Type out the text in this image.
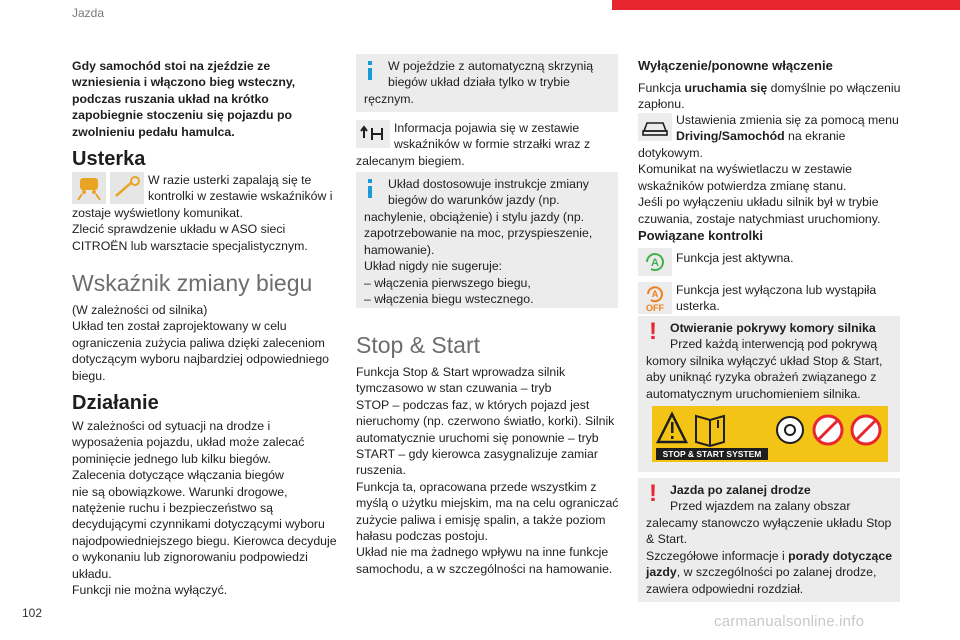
Jazda

Gdy samochód stoi na zjeździe ze

wzniesienia i włączono bieg wsteczny,

podczas ruszania układ na krótko

zapobiegnie stoczeniu się pojazdu po

zwolnieniu pedału hamulca.

Usterka

W razie usterki zapalają się te

kontrolki w zestawie wskaźników i

zostaje wyświetlony komunikat.

Zlecić sprawdzenie układu w ASO sieci

CITROËN lub warsztacie specjalistycznym.

Wskaźnik zmiany biegu

(W zależności od silnika)

Układ ten został zaprojektowany w celu

ograniczenia zużycia paliwa dzięki zaleceniom

dotyczącym wyboru najbardziej odpowiedniego

biegu.

Działanie

W zależności od sytuacji na drodze i

wyposażenia pojazdu, układ może zalecać

pominięcie jednego lub kilku biegów.

Zalecenia dotyczące włączania biegów

nie są obowiązkowe. Warunki drogowe,

natężenie ruchu i bezpieczeństwo są

decydującymi czynnikami dotyczącymi wyboru

najodpowiedniejszego biegu. Kierowca decyduje

o wykonaniu lub zignorowaniu podpowiedzi

układu.

Funkcji nie można wyłączyć.

W pojeździe z automatyczną skrzynią

biegów układ działa tylko w trybie

ręcznym.

Informacja pojawia się w zestawie

wskaźników w formie strzałki wraz z

zalecanym biegiem.

Układ dostosowuje instrukcje zmiany

biegów do warunków jazdy (np.

nachylenie, obciążenie) i stylu jazdy (np.

zapotrzebowanie na moc, przyspieszenie,

hamowanie).

Układ nigdy nie sugeruje:

– włączenia pierwszego biegu,

– włączenia biegu wstecznego.

Stop & Start

Funkcja Stop & Start wprowadza silnik

tymczasowo w stan czuwania – tryb

STOP – podczas faz, w których pojazd jest

nieruchomy (np. czerwono światło, korki). Silnik

automatycznie uruchomi się ponownie – tryb

START – gdy kierowca zasygnalizuje zamiar

ruszenia.

Funkcja ta, opracowana przede wszystkim z

myślą o użytku miejskim, ma na celu ograniczać

zużycie paliwa i emisję spalin, a także poziom

hałasu podczas postoju.

Układ nie ma żadnego wpływu na inne funkcje

samochodu, a w szczególności na hamowanie.

Wyłączenie/ponowne włączenie

Funkcja uruchamia się domyślnie po włączeniu

zapłonu.

Ustawienia zmienia się za pomocą menu

Driving/Samochód na ekranie

dotykowym.

Komunikat na wyświetlaczu w zestawie

wskaźników potwierdza zmianę stanu.

Jeśli po wyłączeniu układu silnik był w trybie

czuwania, zostaje natychmiast uruchomiony.

Powiązane kontrolki
A Funkcja jest aktywna.

A
OFF

Funkcja jest wyłączona lub wystąpiła

usterka.

! Otwieranie pokrywy komory silnika

Przed każdą interwencją pod pokrywą

komory silnika wyłączyć układ Stop & Start,

aby uniknąć ryzyka obrażeń związanego z

automatycznym uruchomieniem silnika.

STOP & START SYSTEM
! Jazda po zalanej drodze

Przed wjazdem na zalany obszar

zalecamy stanowczo wyłączenie układu Stop

& Start.

Szczegółowe informacje i porady dotyczące

jazdy, w szczególności po zalanej drodze,

zawiera odpowiedni rozdział.

102	carmanualsonline.info
